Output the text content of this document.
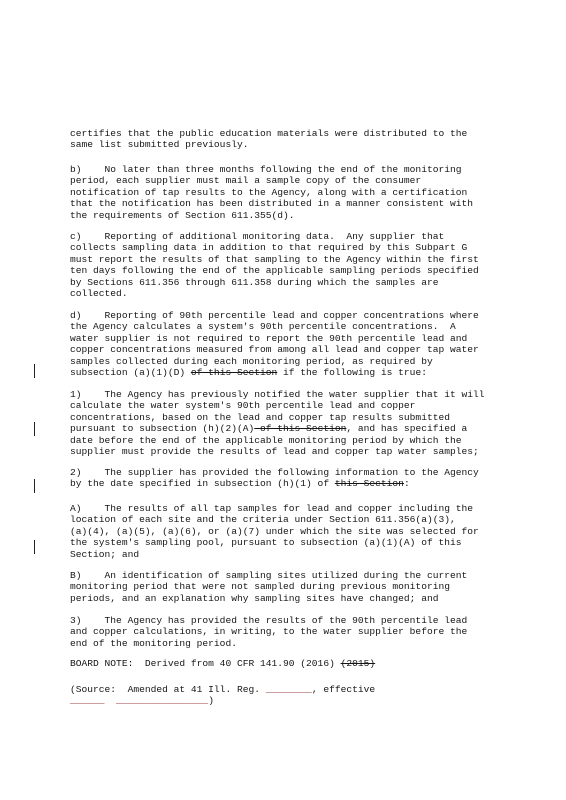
certifies that the public education materials were distributed to the
same list submitted previously.
b)    No later than three months following the end of the monitoring
period, each supplier must mail a sample copy of the consumer
notification of tap results to the Agency, along with a certification
that the notification has been distributed in a manner consistent with
the requirements of Section 611.355(d).
c)    Reporting of additional monitoring data.  Any supplier that
collects sampling data in addition to that required by this Subpart G
must report the results of that sampling to the Agency within the first
ten days following the end of the applicable sampling periods specified
by Sections 611.356 through 611.358 during which the samples are
collected.
d)    Reporting of 90th percentile lead and copper concentrations where
the Agency calculates a system's 90th percentile concentrations.  A
water supplier is not required to report the 90th percentile lead and
copper concentrations measured from among all lead and copper tap water
samples collected during each monitoring period, as required by
subsection (a)(1)(D) of this Section if the following is true:
1)    The Agency has previously notified the water supplier that it will
calculate the water system's 90th percentile lead and copper
concentrations, based on the lead and copper tap results submitted
pursuant to subsection (h)(2)(A) of this Section, and has specified a
date before the end of the applicable monitoring period by which the
supplier must provide the results of lead and copper tap water samples;
2)    The supplier has provided the following information to the Agency
by the date specified in subsection (h)(1) of this Section:
A)    The results of all tap samples for lead and copper including the
location of each site and the criteria under Section 611.356(a)(3),
(a)(4), (a)(5), (a)(6), or (a)(7) under which the site was selected for
the system's sampling pool, pursuant to subsection (a)(1)(A) of this
Section; and
B)    An identification of sampling sites utilized during the current
monitoring period that were not sampled during previous monitoring
periods, and an explanation why sampling sites have changed; and
3)    The Agency has provided the results of the 90th percentile lead
and copper calculations, in writing, to the water supplier before the
end of the monitoring period.
BOARD NOTE:  Derived from 40 CFR 141.90 (2016) (2015)
(Source:  Amended at 41 Ill. Reg. ________, effective
______  ________________)
